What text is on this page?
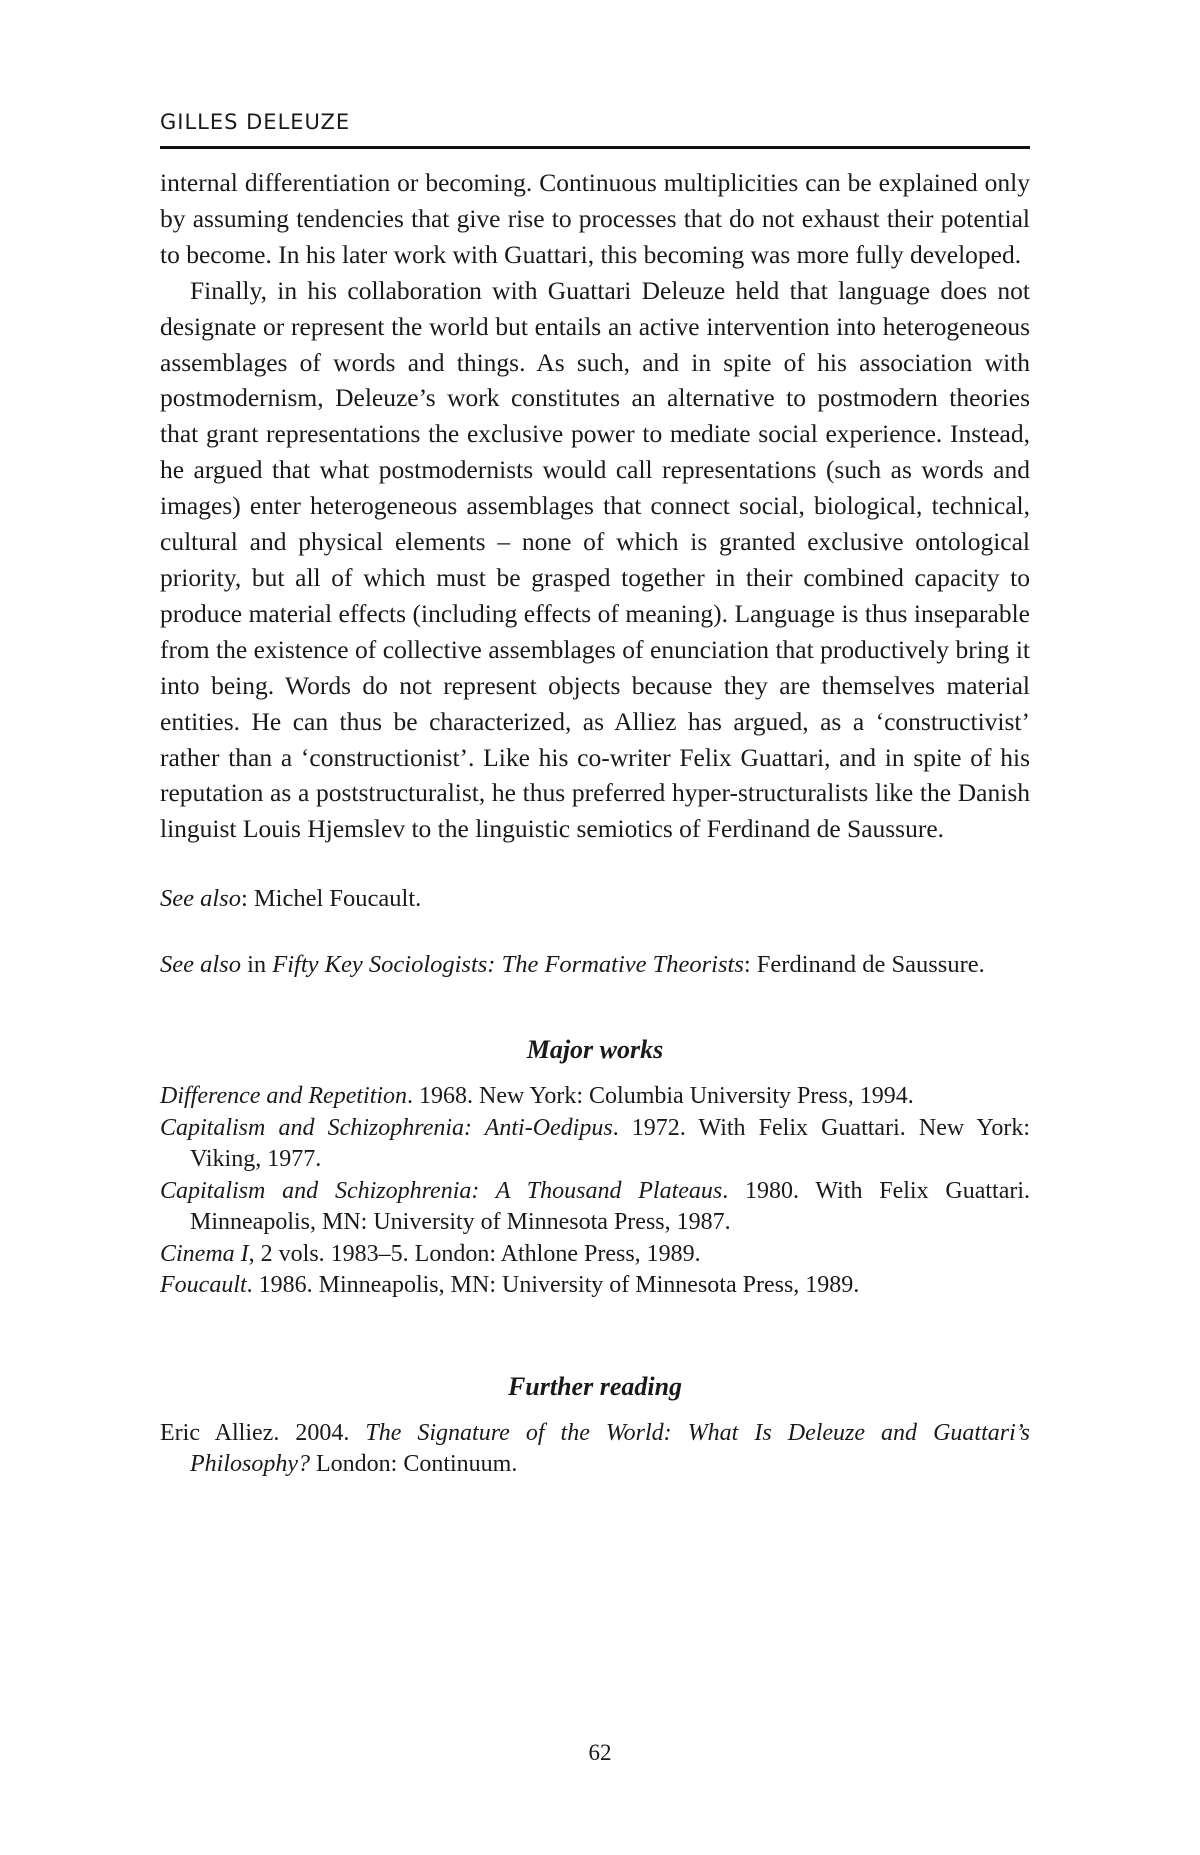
GILLES DELEUZE

internal differentiation or becoming. Continuous multiplicities can be explained only by assuming tendencies that give rise to processes that do not exhaust their potential to become. In his later work with Guattari, this becoming was more fully developed.

Finally, in his collaboration with Guattari Deleuze held that language does not designate or represent the world but entails an active intervention into heterogeneous assemblages of words and things. As such, and in spite of his association with postmodernism, Deleuze’s work constitutes an alternative to postmodern theories that grant representations the exclusive power to mediate social experience. Instead, he argued that what postmodernists would call representations (such as words and images) enter heterogeneous assemblages that connect social, biological, technical, cultural and physical elements – none of which is granted exclusive ontological priority, but all of which must be grasped together in their combined capacity to produce material effects (including effects of meaning). Language is thus inseparable from the existence of collective assemblages of enunciation that productively bring it into being. Words do not represent objects because they are themselves material entities. He can thus be characterized, as Alliez has argued, as a ‘constructivist’ rather than a ‘constructionist’. Like his co-writer Felix Guattari, and in spite of his reputation as a poststructuralist, he thus preferred hyper-structuralists like the Danish linguist Louis Hjemslev to the linguistic semiotics of Ferdinand de Saussure.

See also: Michel Foucault.

See also in Fifty Key Sociologists: The Formative Theorists: Ferdinand de Saussure.

Major works

Difference and Repetition. 1968. New York: Columbia University Press, 1994.

Capitalism and Schizophrenia: Anti-Oedipus. 1972. With Felix Guattari. New York: Viking, 1977.

Capitalism and Schizophrenia: A Thousand Plateaus. 1980. With Felix Guattari. Minneapolis, MN: University of Minnesota Press, 1987.

Cinema I, 2 vols. 1983–5. London: Athlone Press, 1989.

Foucault. 1986. Minneapolis, MN: University of Minnesota Press, 1989.

Further reading

Eric Alliez. 2004. The Signature of the World: What Is Deleuze and Guattari’s Philosophy? London: Continuum.

62
